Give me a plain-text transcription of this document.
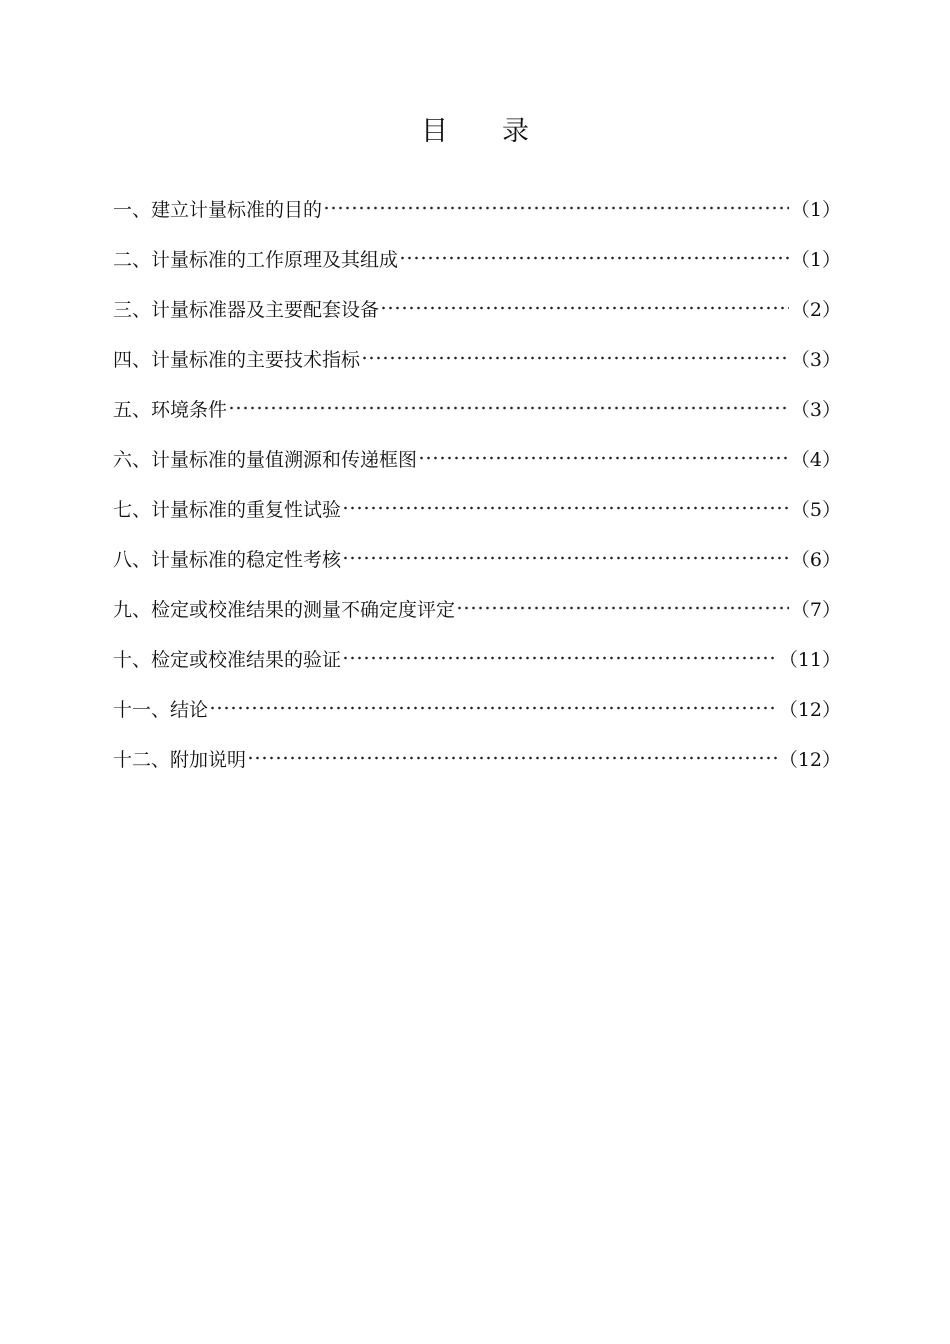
目　　录
一、建立计量标准的目的	（1）
二、计量标准的工作原理及其组成	（1）
三、计量标准器及主要配套设备	（2）
四、计量标准的主要技术指标	（3）
五、环境条件	（3）
六、计量标准的量值溯源和传递框图	（4）
七、计量标准的重复性试验	（5）
八、计量标准的稳定性考核	（6）
九、检定或校准结果的测量不确定度评定	（7）
十、检定或校准结果的验证	（11）
十一、结论	（12）
十二、附加说明	（12）
